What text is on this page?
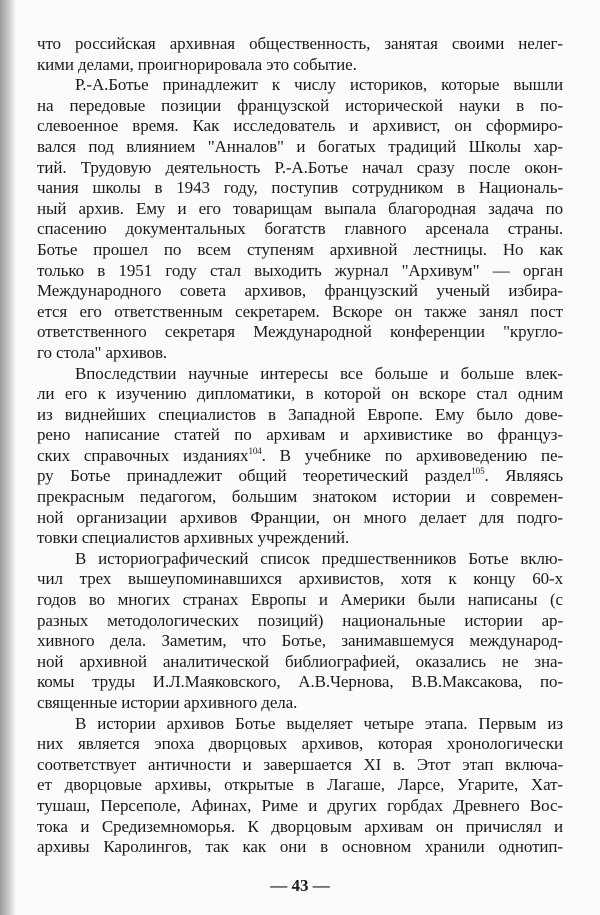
что российская архивная общественность, занятая своими нелег-
кими делами, проигнорировала это событие.
Р.-А.Ботье принадлежит к числу историков, которые вышли
на передовые позиции французской исторической науки в по-
слевоенное время. Как исследователь и архивист, он сформиро-
вался под влиянием "Анналов" и богатых традиций Школы хар-
тий. Трудовую деятельность Р.-А.Ботье начал сразу после окон-
чания школы в 1943 году, поступив сотрудником в Националь-
ный архив. Ему и его товарищам выпала благородная задача по
спасению документальных богатств главного арсенала страны.
Ботье прошел по всем ступеням архивной лестницы. Но как
только в 1951 году стал выходить журнал "Архивум" — орган
Международного совета архивов, французский ученый избира-
ется его ответственным секретарем. Вскоре он также занял пост
ответственного секретаря Международной конференции "кругло-
го стола" архивов.
Впоследствии научные интересы все больше и больше влек-
ли его к изучению дипломатики, в которой он вскоре стал одним
из виднейших специалистов в Западной Европе. Ему было дове-
рено написание статей по архивам и архивистике во француз-
ских справочных изданиях$^{104}$. В учебнике по архивоведению пе-
ру Ботье принадлежит общий теоретический раздел$^{105}$. Являясь
прекрасным педагогом, большим знатоком истории и современ-
ной организации архивов Франции, он много делает для подго-
товки специалистов архивных учреждений.
В историографический список предшественников Ботье вклю-
чил трех вышеупоминавшихся архивистов, хотя к концу 60-х
годов во многих странах Европы и Америки были написаны (с
разных методологических позиций) национальные истории ар-
хивного дела. Заметим, что Ботье, занимавшемуся международ-
ной архивной аналитической библиографией, оказались не зна-
комы труды И.Л.Маяковского, А.В.Чернова, В.В.Максакова, по-
священные истории архивного дела.
В истории архивов Ботье выделяет четыре этапа. Первым из
них является эпоха дворцовых архивов, которая хронологически
соответствует античности и завершается XI в. Этот этап включа-
ет дворцовые архивы, открытые в Лагаше, Ларсе, Угарите, Хат-
тушаш, Персеполе, Афинах, Риме и других горбдах Древнего Вос-
тока и Средиземноморья. К дворцовым архивам он причислял и
архивы Каролингов, так как они в основном хранили однотип-
— 43 —
